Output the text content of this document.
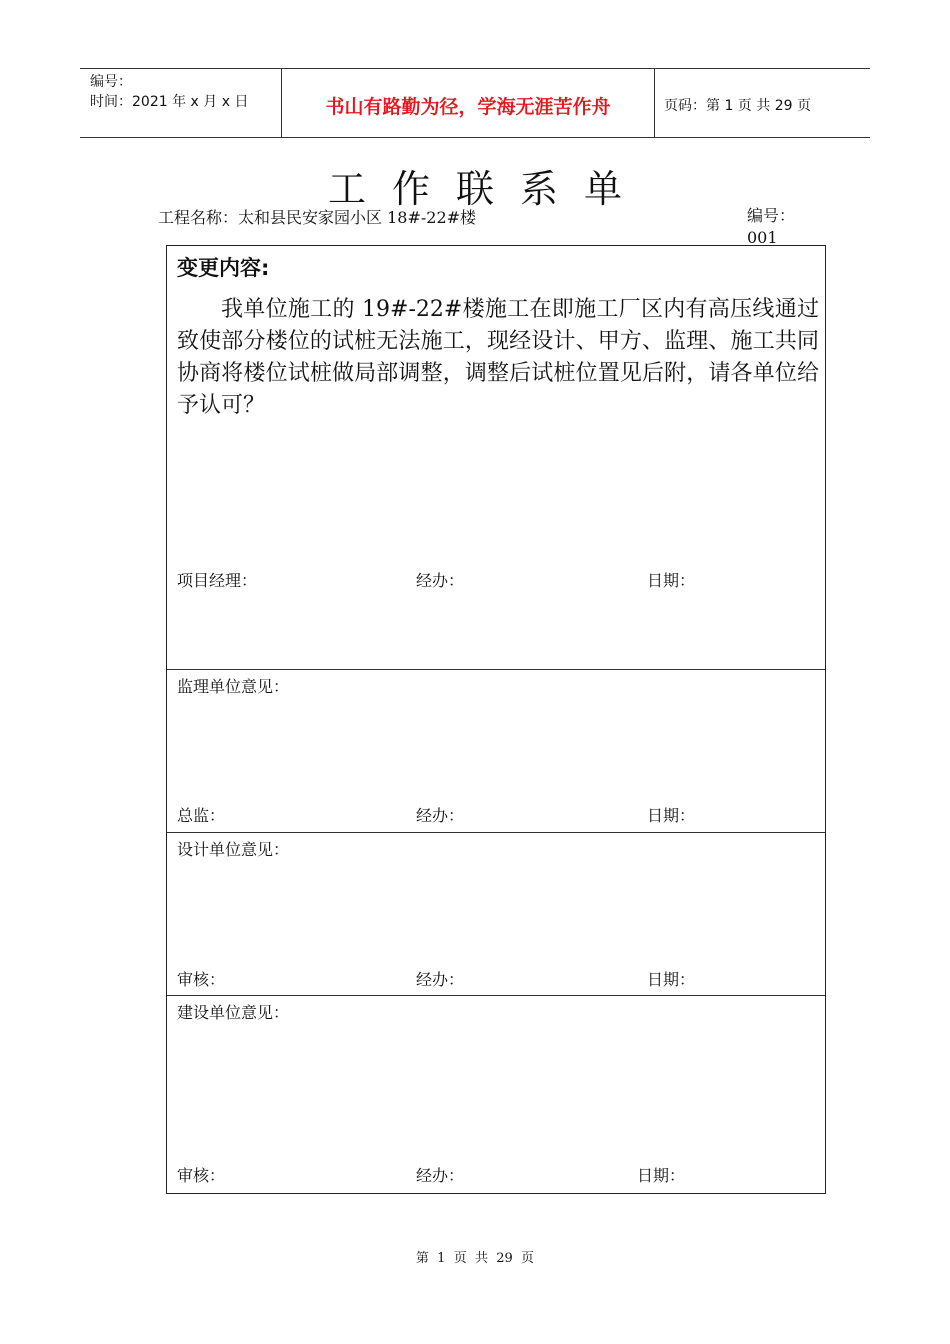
编号：
时间：2021 年 x 月 x 日	书山有路勤为径，学海无涯苦作舟	页码：第 1 页 共 29 页
工作联系单
工程名称：太和县民安家园小区 18#-22#楼	编号：
001
变更内容:
我单位施工的 19#-22#楼施工在即施工厂区内有高压线通过致使部分楼位的试桩无法施工，现经设计、甲方、监理、施工共同协商将楼位试桩做局部调整，调整后试桩位置见后附，请各单位给予认可？
项目经理：	经办：	日期：
监理单位意见：
总监：	经办：	日期：
设计单位意见：
审核：	经办：	日期：
建设单位意见：
审核：	经办：	日期：
第  1  页  共  29  页
